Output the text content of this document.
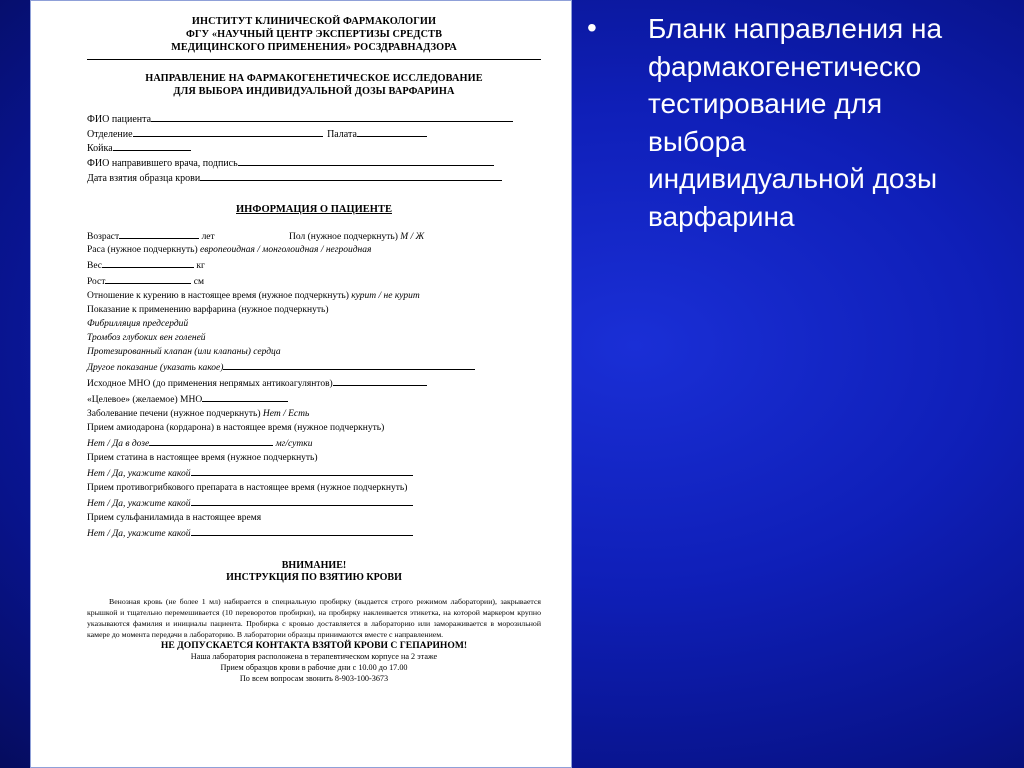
ИНСТИТУТ КЛИНИЧЕСКОЙ ФАРМАКОЛОГИИ
ФГУ «НАУЧНЫЙ ЦЕНТР ЭКСПЕРТИЗЫ СРЕДСТВ
МЕДИЦИНСКОГО ПРИМЕНЕНИЯ» РОСЗДРАВНАДЗОРА
НАПРАВЛЕНИЕ НА ФАРМАКОГЕНЕТИЧЕСКОЕ ИССЛЕДОВАНИЕ
ДЛЯ ВЫБОРА ИНДИВИДУАЛЬНОЙ ДОЗЫ ВАРФАРИНА
ФИО пациента
Отделение	Палата
Койка
ФИО направившего врача, подпись
Дата взятия образца крови
ИНФОРМАЦИЯ О ПАЦИЕНТЕ
Возраст	лет	Пол (нужное подчеркнуть) М / Ж
Раса (нужное подчеркнуть) европеоидная / монголоидная / негроидная
Вес	кг
Рост	см
Отношение к курению в настоящее время (нужное подчеркнуть) курит / не курит
Показание к применению варфарина (нужное подчеркнуть)
Фибрилляция предсердий
Тромбоз глубоких вен голеней
Протезированный клапан (или клапаны) сердца
Другое показание (указать какое)
Исходное МНО (до применения непрямых антикоагулянтов)
«Целевое» (желаемое) МНО
Заболевание печени (нужное подчеркнуть) Нет / Есть
Прием амиодарона (кордарона) в настоящее время (нужное подчеркнуть)
Нет / Да в дозе	мг/сутки
Прием статина в настоящее время (нужное подчеркнуть)
Нет / Да, укажите какой
Прием противогрибкового препарата в настоящее время (нужное подчеркнуть)
Нет / Да, укажите какой
Прием сульфаниламида в настоящее время
Нет / Да, укажите какой
ВНИМАНИЕ!
ИНСТРУКЦИЯ ПО ВЗЯТИЮ КРОВИ
Венозная кровь (не более 1 мл) набирается в специальную пробирку (выдается строго режимом лаборатории), закрывается крышкой и тщательно перемешивается (10 переворотов пробирки), на пробирку наклеивается этикетка, на которой маркером крупно указываются фамилия и инициалы пациента. Пробирка с кровью доставляется в лабораторию или замораживается в морозильной камере до момента передачи в лабораторию. В лаборатории образцы принимаются вместе с направлением.
НЕ ДОПУСКАЕТСЯ КОНТАКТА ВЗЯТОЙ КРОВИ С ГЕПАРИНОМ!
Наша лаборатория расположена в терапевтическом корпусе на 2 этаже
Прием образцов крови в рабочие дни с 10.00 до 17.00
По всем вопросам звонить 8-903-100-3673
• Бланк направления на
фармакогенетическо
тестирование для
выбора
индивидуальной дозы
варфарина
